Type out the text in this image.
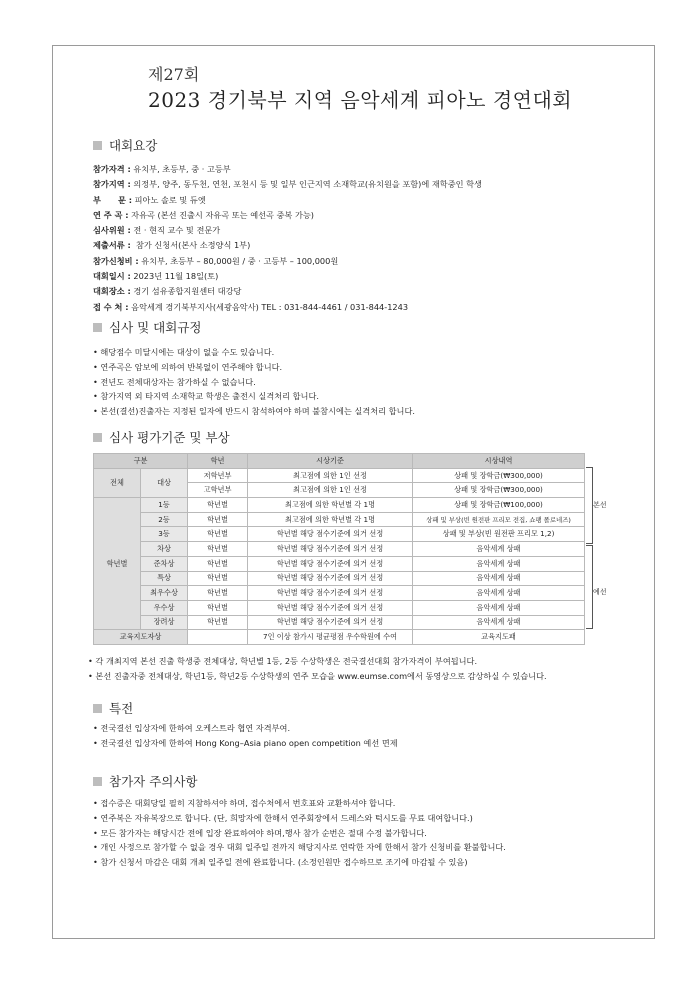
제27회
2023 경기북부 지역 음악세계 피아노 경연대회
대회요강
참가자격 : 유치부, 초등부, 중 · 고등부
참가지역 : 의정부, 양주, 동두천, 연천, 포천시 등 및 일부 인근지역 소재학교(유치원을 포함)에 재학중인 학생
부      문 : 피아노 솔로 및 듀엣
연 주 곡 : 자유곡 (본선 진출시 자유곡 또는 예선곡 중복 가능)
심사위원 : 전 · 현직 교수 및 전문가
제출서류 :  참가 신청서(본사 소정양식 1부)
참가신청비 : 유치부, 초등부 – 80,000원 / 중 · 고등부 – 100,000원
대회일시 : 2023년 11월 18일(토)
대회장소 : 경기 섬유종합지원센터 대강당
접 수 처 : 음악세계 경기북부지사(세광음악사) TEL : 031-844-4461 / 031-844-1243
심사 및 대회규정
• 해당점수 미달시에는 대상이 없을 수도 있습니다.
• 연주곡은 암보에 의하여 반복없이 연주해야 합니다.
• 전년도 전체대상자는 참가하실 수 없습니다.
• 참가지역 외 타지역 소재학교 학생은 출전시 실격처리 합니다.
• 본선(결선)진출자는 지정된 일자에 반드시 참석하여야 하며 불참시에는 실격처리 합니다.
심사 평가기준 및 부상
구분		학년	시상기준	시상내역
전체	대상	저학년부	최고점에 의한 1인 선정	상패 및 장학금(₩300,000)
		고학년부	최고점에 의한 1인 선정	상패 및 장학금(₩300,000)
학년별	1등	학년별	최고점에 의한 학년별 각 1명	상패 및 장학금(₩100,000)
	2등	학년별	최고점에 의한 학년별 각 1명	상패 및 부상(빈 원전판 프리모 전집, 쇼팽 폴로네즈)
	3등	학년별	학년별 해당 점수기준에 의거 선정	상패 및 부상(빈 원전판 프리모 1,2)
	차상	학년별	학년별 해당 점수기준에 의거 선정	음악세계 상패
	준차상	학년별	학년별 해당 점수기준에 의거 선정	음악세계 상패
	특상	학년별	학년별 해당 점수기준에 의거 선정	음악세계 상패
	최우수상	학년별	학년별 해당 점수기준에 의거 선정	음악세계 상패
	우수상	학년별	학년별 해당 점수기준에 의거 선정	음악세계 상패
	장려상	학년별	학년별 해당 점수기준에 의거 선정	음악세계 상패
교육지도자상			7인 이상 참가시 평균평점 우수학원에 수여	교육지도패
본선
예선
• 각 개최지역 본선 진출 학생중 전체대상, 학년별 1등, 2등 수상학생은 전국결선대회 참가자격이 부여됩니다.
• 본선 진출자중 전체대상, 학년1등, 학년2등 수상학생의 연주 모습을 www.eumse.com에서 동영상으로 감상하실 수 있습니다.
특전
• 전국결선 입상자에 한하여 오케스트라 협연 자격부여.
• 전국결선 입상자에 한하여 Hong Kong–Asia piano open competition 예선 면제
참가자 주의사항
• 접수증은 대회당일 필히 지참하셔야 하며, 접수처에서 번호표와 교환하셔야 합니다.
• 연주복은 자유복장으로 합니다. (단, 희망자에 한해서 연주회장에서 드레스와 턱시도를 무료 대여합니다.)
• 모든 참가자는 해당시간 전에 입장 완료하여야 하며,행사 참가 순번은 절대 수정 불가합니다.
• 개인 사정으로 참가할 수 없을 경우 대회 일주일 전까지 해당지사로 연락한 자에 한해서 참가 신청비를 환불합니다.
• 참가 신청서 마감은 대회 개최 일주일 전에 완료합니다. (소정인원만 접수하므로 조기에 마감될 수 있음)
